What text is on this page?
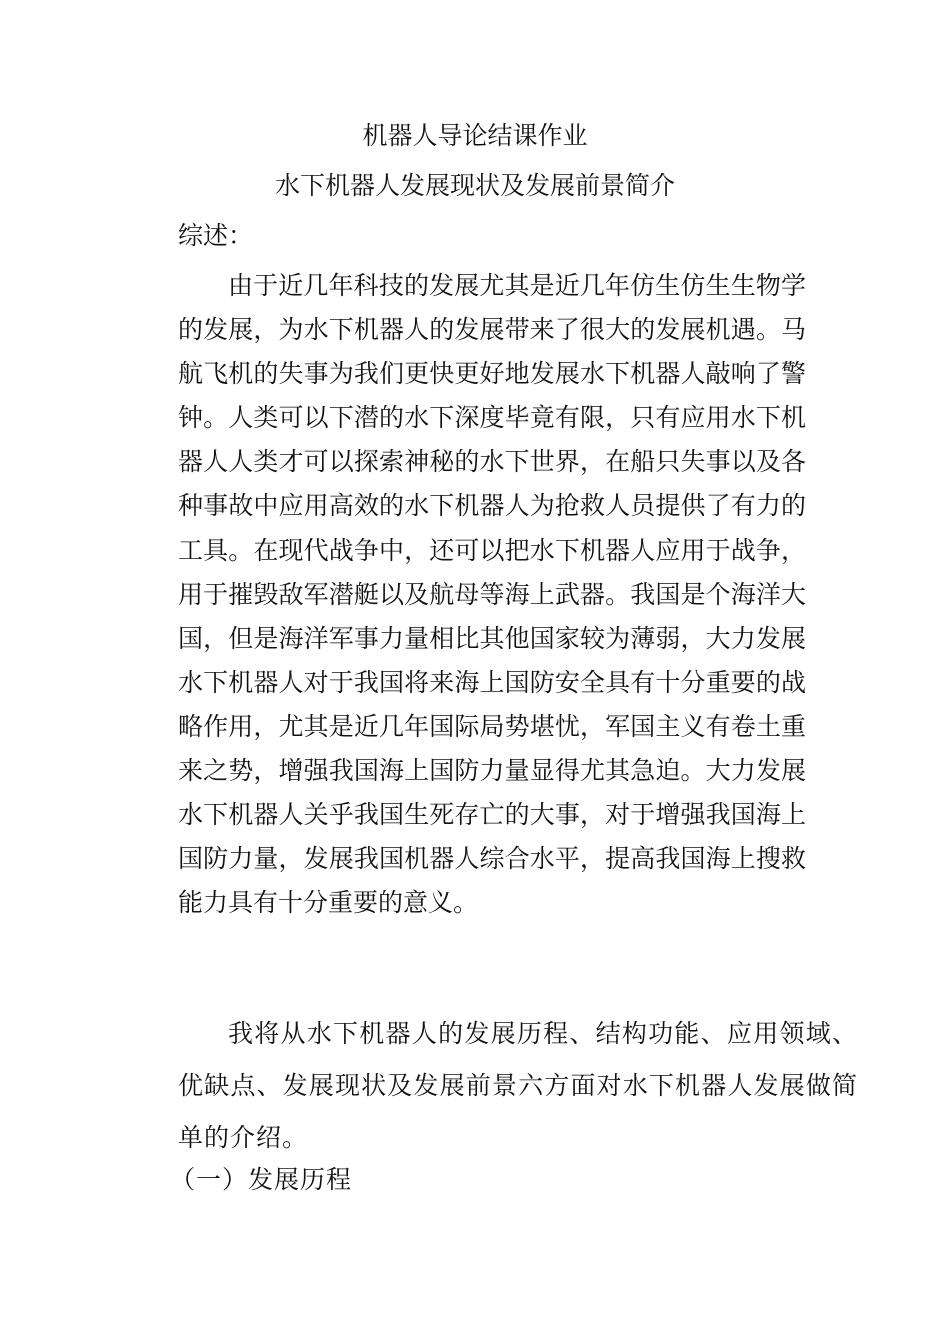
机器人导论结课作业
水下机器人发展现状及发展前景简介
综述：

由于近几年科技的发展尤其是近几年仿生仿生生物学的发展，为水下机器人的发展带来了很大的发展机遇。马航飞机的失事为我们更快更好地发展水下机器人敲响了警钟。人类可以下潜的水下深度毕竟有限，只有应用水下机器人人类才可以探索神秘的水下世界，在船只失事以及各种事故中应用高效的水下机器人为抢救人员提供了有力的工具。在现代战争中，还可以把水下机器人应用于战争，用于摧毁敌军潜艇以及航母等海上武器。我国是个海洋大国，但是海洋军事力量相比其他国家较为薄弱，大力发展水下机器人对于我国将来海上国防安全具有十分重要的战略作用，尤其是近几年国际局势堪忧，军国主义有卷土重来之势，增强我国海上国防力量显得尤其急迫。大力发展水下机器人关乎我国生死存亡的大事，对于增强我国海上国防力量，发展我国机器人综合水平，提高我国海上搜救能力具有十分重要的意义。

我将从水下机器人的发展历程、结构功能、应用领域、优缺点、发展现状及发展前景六方面对水下机器人发展做简单的介绍。

（一）发展历程
